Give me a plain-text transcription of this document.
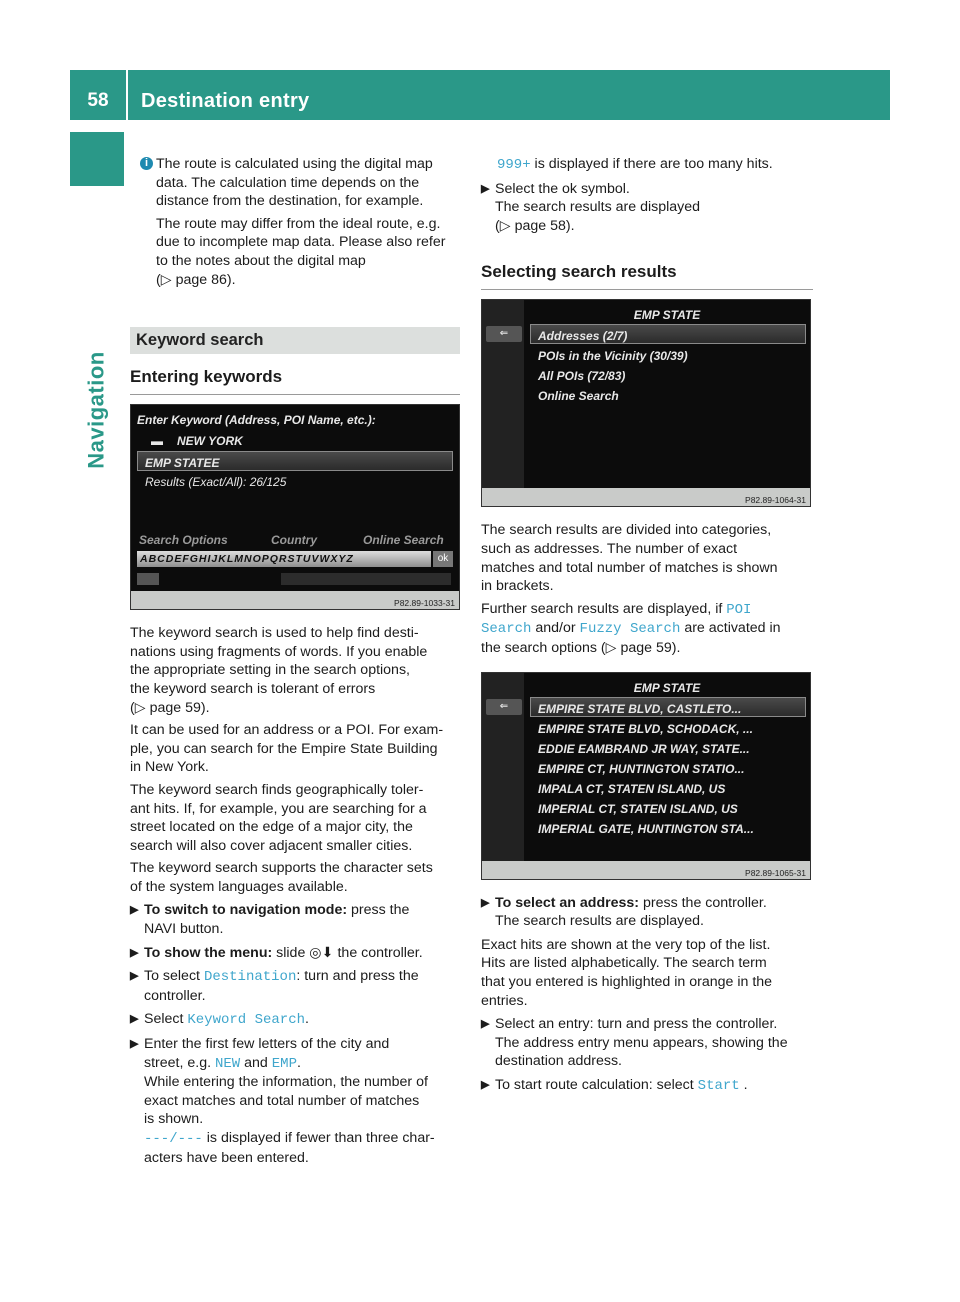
58	Destination entry
Navigation
i The route is calculated using the digital map

data. The calculation time depends on the

distance from the destination, for example.

The route may differ from the ideal route, e.g.

due to incomplete map data. Please also refer

to the notes about the digital map

(▷ page 86).

Keyword search
Entering keywords
Enter Keyword (Address, POI Name, etc.):
▬ NEW YORK
EMP STATEE
Results (Exact/All): 26/125
Search Options	Country	Online Search
ABCDEFGHIJKLMNOPQRSTUVWXYZ	ok
P82.89-1033-31

The keyword search is used to help find desti-

nations using fragments of words. If you enable

the appropriate setting in the search options,

the keyword search is tolerant of errors

(▷ page 59).

It can be used for an address or a POI. For exam-

ple, you can search for the Empire State Building

in New York.

The keyword search finds geographically toler-

ant hits. If, for example, you are searching for a

street located on the edge of a major city, the

search will also cover adjacent smaller cities.

The keyword search supports the character sets

of the system languages available.

▶ To switch to navigation mode: press the

NAVI button.

▶ To show the menu: slide ◎⬇ the controller.

▶ To select Destination: turn and press the

controller.

▶ Select Keyword Search.

▶ Enter the first few letters of the city and

street, e.g. NEW and EMP.

While entering the information, the number of

exact matches and total number of matches

is shown.

---/--- is displayed if fewer than three char-

acters have been entered.

999+ is displayed if there are too many hits.

▶ Select the ok symbol.

The search results are displayed

(▷ page 58).

Selecting search results
⇐
EMP STATE
Addresses (2/7)
POIs in the Vicinity (30/39)
All POIs (72/83)
Online Search
P82.89-1064-31

The search results are divided into categories,

such as addresses. The number of exact

matches and total number of matches is shown

in brackets.

Further search results are displayed, if POI

Search and/or Fuzzy Search are activated in

the search options (▷ page 59).

⇐
EMP STATE
EMPIRE STATE BLVD, CASTLETO...
EMPIRE STATE BLVD, SCHODACK, ...
EDDIE EAMBRAND JR WAY, STATE...
EMPIRE CT, HUNTINGTON STATIO...
IMPALA CT, STATEN ISLAND, US
IMPERIAL CT, STATEN ISLAND, US
IMPERIAL GATE, HUNTINGTON STA...
P82.89-1065-31
▶ To select an address: press the controller.

The search results are displayed.

Exact hits are shown at the very top of the list.

Hits are listed alphabetically. The search term

that you entered is highlighted in orange in the

entries.

▶ Select an entry: turn and press the controller.

The address entry menu appears, showing the

destination address.

▶ To start route calculation: select Start .
